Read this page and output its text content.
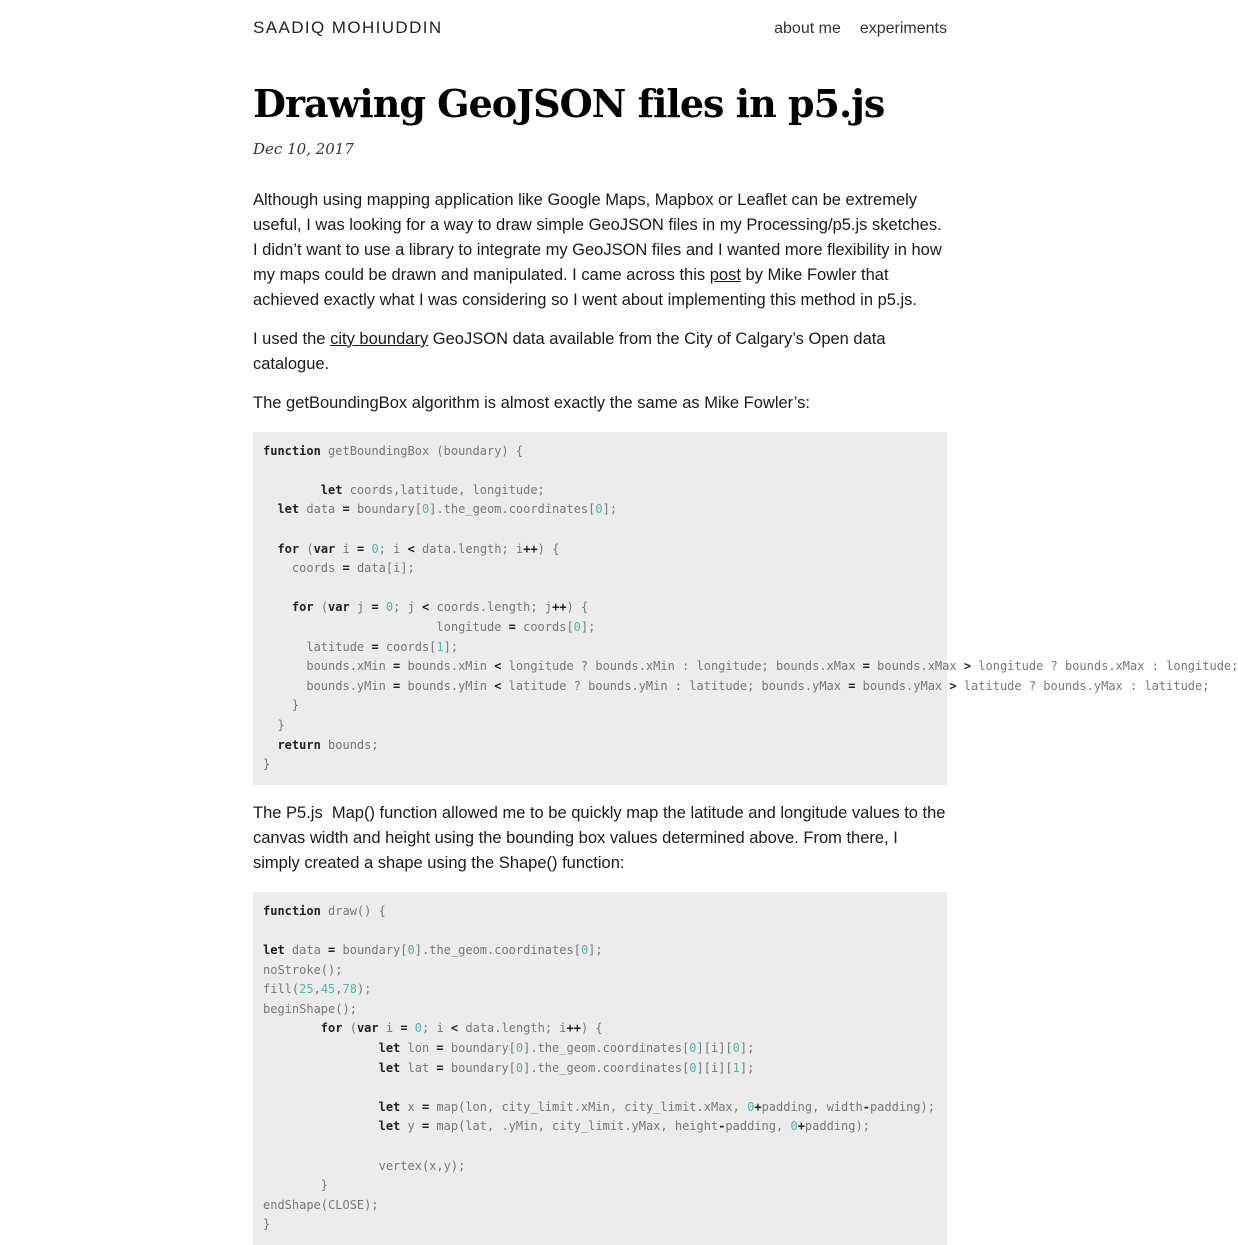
SAADIQ MOHIUDDIN	about me experiments
Drawing GeoJSON files in p5.js
Dec 10, 2017

Although using mapping application like Google Maps, Mapbox or Leaflet can be extremely useful, I was looking for a way to draw simple GeoJSON files in my Processing/p5.js sketches. I didn’t want to use a library to integrate my GeoJSON files and I wanted more flexibility in how my maps could be drawn and manipulated. I came across this post by Mike Fowler that achieved exactly what I was considering so I went about implementing this method in p5.js.

I used the city boundary GeoJSON data available from the City of Calgary’s Open data catalogue.

The getBoundingBox algorithm is almost exactly the same as Mike Fowler’s:

function getBoundingBox (boundary) {
let coords,latitude, longitude;
let data = boundary[0].the_geom.coordinates[0];
for (var i = 0; i < data.length; i++) {
coords = data[i];
for (var j = 0; j < coords.length; j++) {
longitude = coords[0];
latitude = coords[1];
bounds.xMin = bounds.xMin < longitude ? bounds.xMin : longitude; bounds.xMax = bounds.xMax > longitude ? bounds.xMax : longitude;
bounds.yMin = bounds.yMin < latitude ? bounds.yMin : latitude; bounds.yMax = bounds.yMax > latitude ? bounds.yMax : latitude;
}
}
return bounds;
}

The P5.js  Map() function allowed me to be quickly map the latitude and longitude values to the canvas width and height using the bounding box values determined above. From there, I simply created a shape using the Shape() function:

function draw() {
let data = boundary[0].the_geom.coordinates[0];
noStroke();
fill(25,45,78);
beginShape();
for (var i = 0; i < data.length; i++) {
let lon = boundary[0].the_geom.coordinates[0][i][0];
let lat = boundary[0].the_geom.coordinates[0][i][1];
let x = map(lon, city_limit.xMin, city_limit.xMax, 0+padding, width-padding);
let y = map(lat, .yMin, city_limit.yMax, height-padding, 0+padding);
vertex(x,y);
}
endShape(CLOSE);
}
